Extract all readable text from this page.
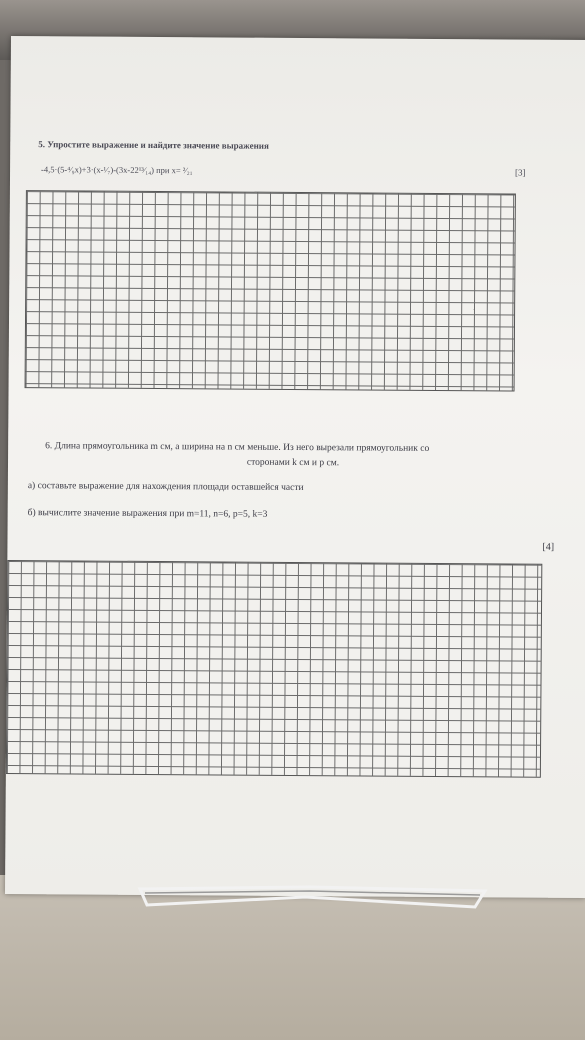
5. Упростите выражение и найдите значение выражения
-4,5·(5-⁴⁄₉x)+3·(x-¹⁄₇)-(3x-22¹³⁄₁₄) при x= ²⁄₂₁	[3]
6. Длина прямоугольника m см, а ширина на n см меньше. Из него вырезали прямоугольник со
сторонами k см и p см.
а) составьте выражение для нахождения площади оставшейся части
б) вычислите значение выражения при m=11, n=6, p=5, k=3
[4]
